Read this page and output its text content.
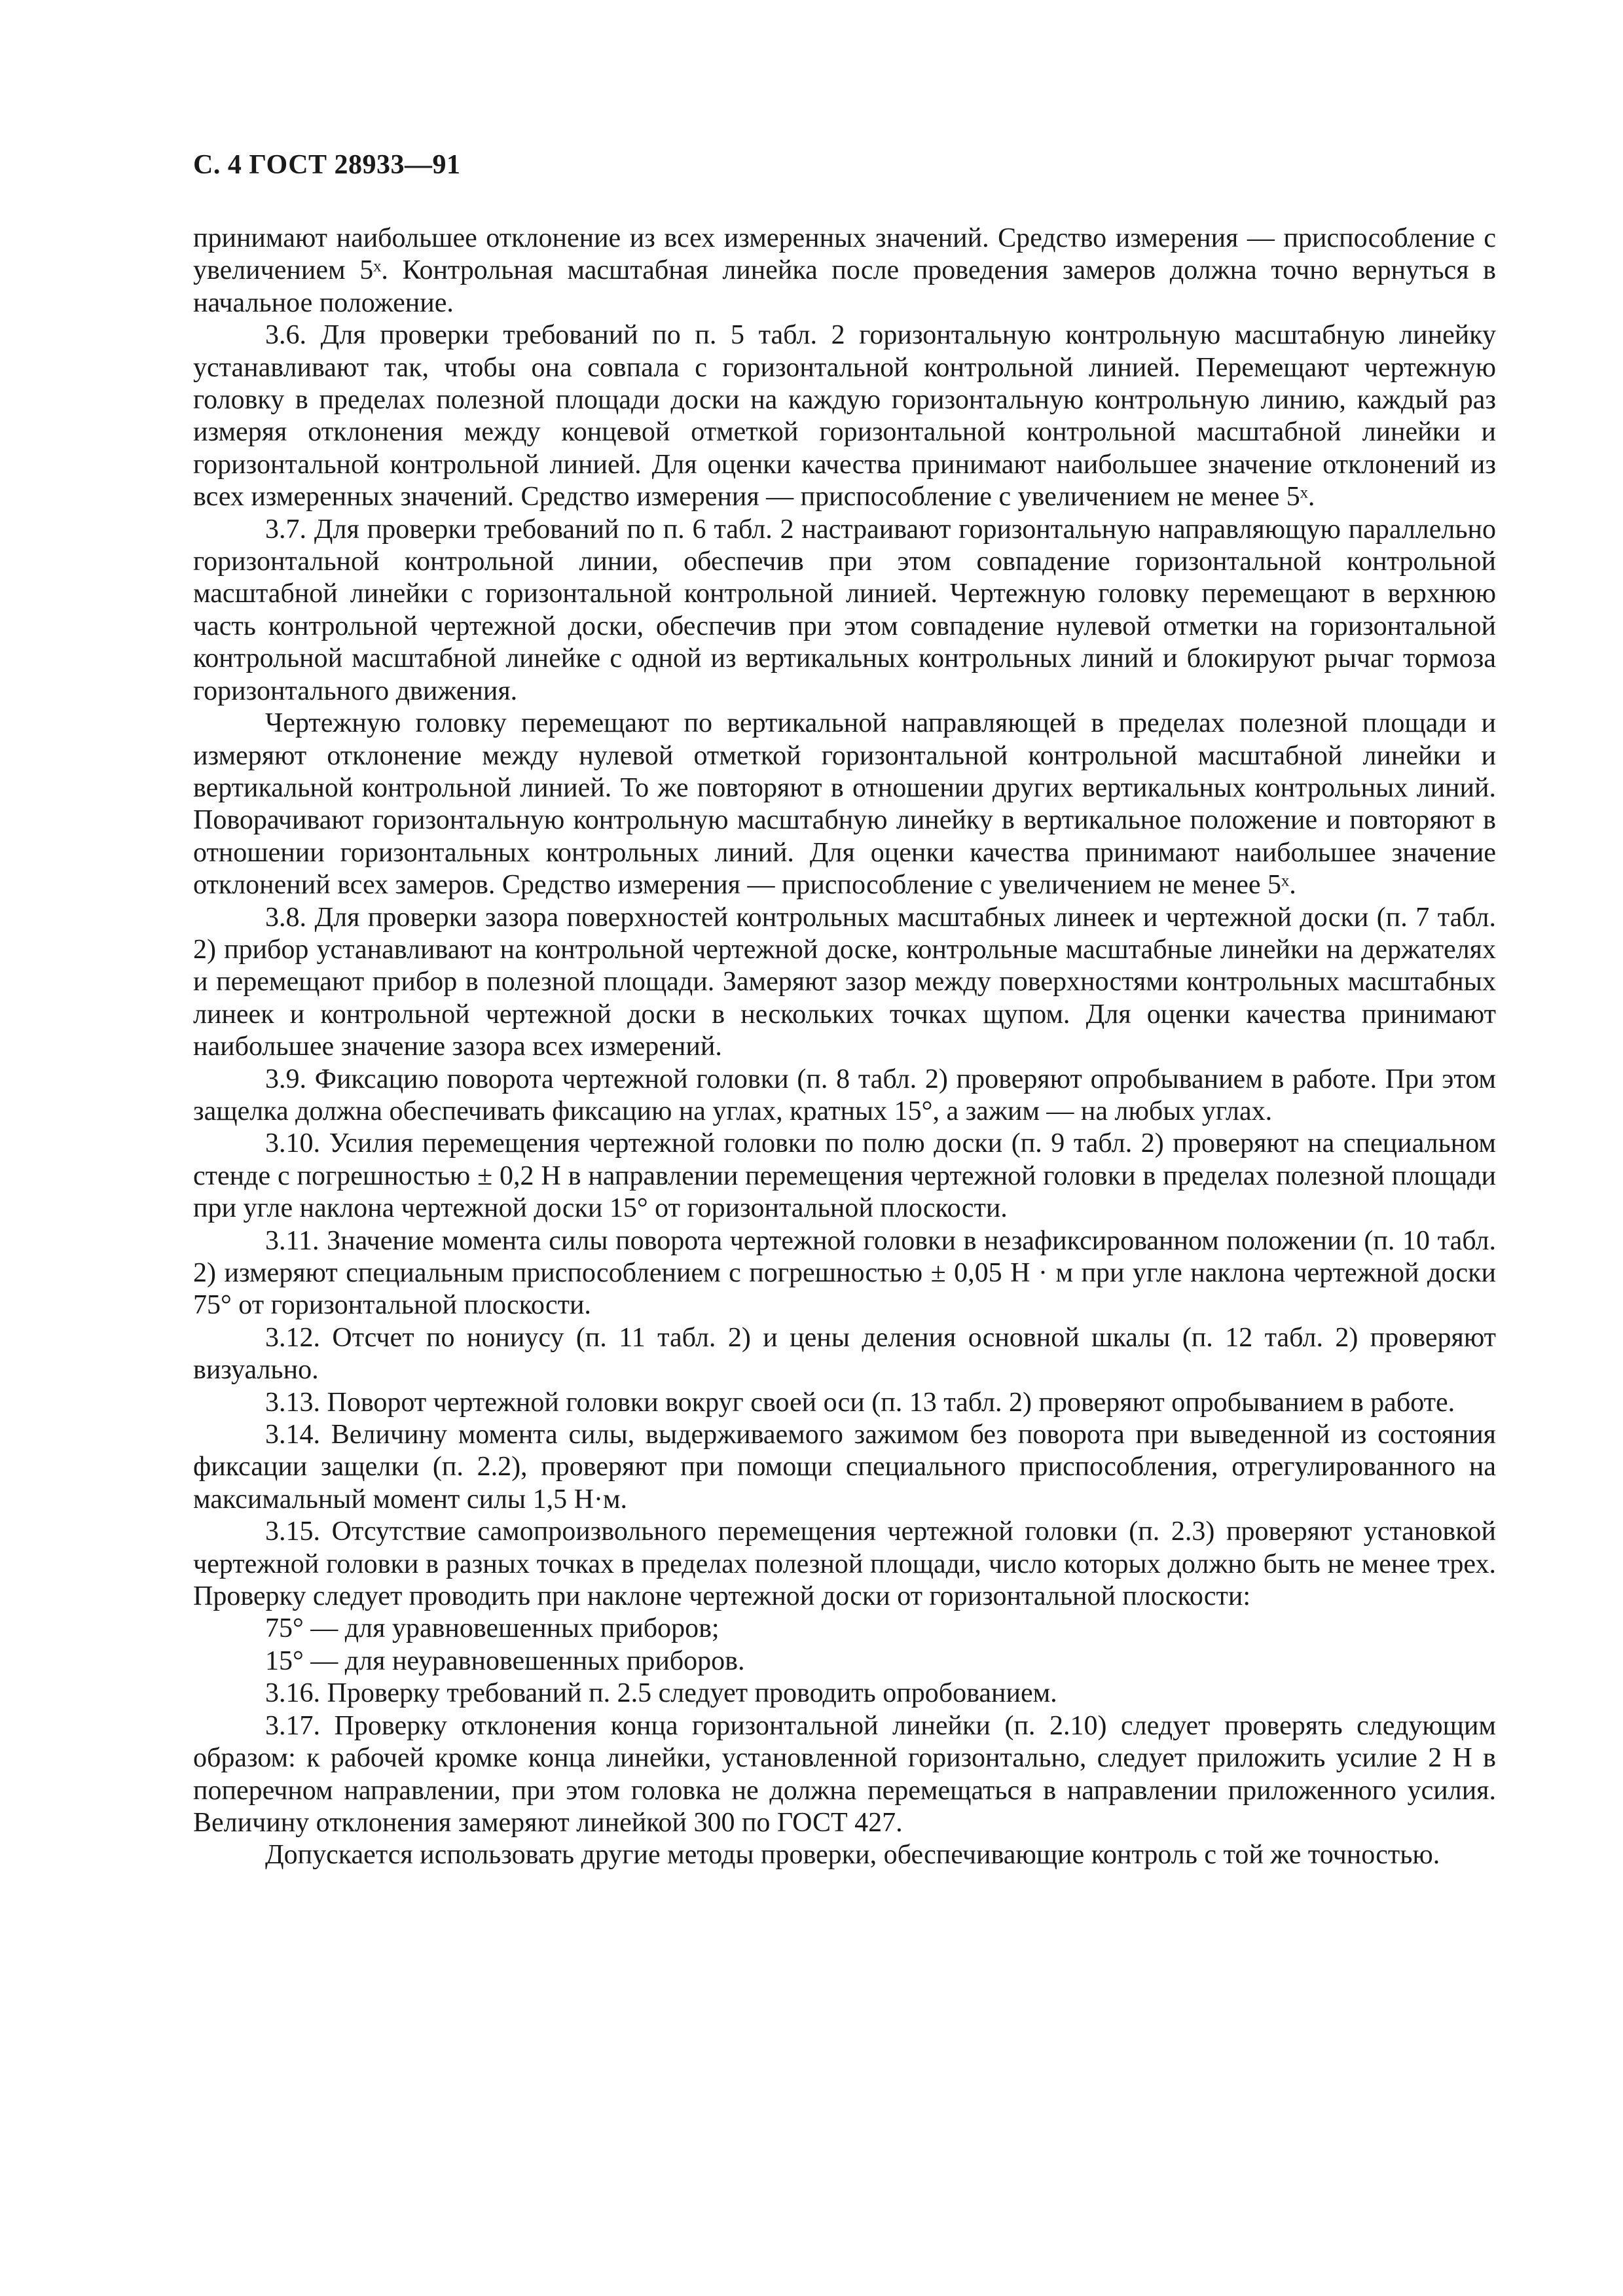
С. 4 ГОСТ 28933—91

принимают наибольшее отклонение из всех измеренных значений. Средство измерения — приспособление с увеличением 5ˣ. Контрольная масштабная линейка после проведения замеров должна точно вернуться в начальное положение.

3.6. Для проверки требований по п. 5 табл. 2 горизонтальную контрольную масштабную линейку устанавливают так, чтобы она совпала с горизонтальной контрольной линией. Перемещают чертежную головку в пределах полезной площади доски на каждую горизонтальную контрольную линию, каждый раз измеряя отклонения между концевой отметкой горизонтальной контрольной масштабной линейки и горизонтальной контрольной линией. Для оценки качества принимают наибольшее значение отклонений из всех измеренных значений. Средство измерения — приспособление с увеличением не менее 5ˣ.

3.7. Для проверки требований по п. 6 табл. 2 настраивают горизонтальную направляющую параллельно горизонтальной контрольной линии, обеспечив при этом совпадение горизонтальной контрольной масштабной линейки с горизонтальной контрольной линией. Чертежную головку перемещают в верхнюю часть контрольной чертежной доски, обеспечив при этом совпадение нулевой отметки на горизонтальной контрольной масштабной линейке с одной из вертикальных контрольных линий и блокируют рычаг тормоза горизонтального движения.

Чертежную головку перемещают по вертикальной направляющей в пределах полезной площади и измеряют отклонение между нулевой отметкой горизонтальной контрольной масштабной линейки и вертикальной контрольной линией. То же повторяют в отношении других вертикальных контрольных линий. Поворачивают горизонтальную контрольную масштабную линейку в вертикальное положение и повторяют в отношении горизонтальных контрольных линий. Для оценки качества принимают наибольшее значение отклонений всех замеров. Средство измерения — приспособление с увеличением не менее 5ˣ.

3.8. Для проверки зазора поверхностей контрольных масштабных линеек и чертежной доски (п. 7 табл. 2) прибор устанавливают на контрольной чертежной доске, контрольные масштабные линейки на держателях и перемещают прибор в полезной площади. Замеряют зазор между поверхностями контрольных масштабных линеек и контрольной чертежной доски в нескольких точках щупом. Для оценки качества принимают наибольшее значение зазора всех измерений.

3.9. Фиксацию поворота чертежной головки (п. 8 табл. 2) проверяют опробыванием в работе. При этом защелка должна обеспечивать фиксацию на углах, кратных 15°, а зажим — на любых углах.

3.10. Усилия перемещения чертежной головки по полю доски (п. 9 табл. 2) проверяют на специальном стенде с погрешностью ± 0,2 Н в направлении перемещения чертежной головки в пределах полезной площади при угле наклона чертежной доски 15° от горизонтальной плоскости.

3.11. Значение момента силы поворота чертежной головки в незафиксированном положении (п. 10 табл. 2) измеряют специальным приспособлением с погрешностью ± 0,05 Н · м при угле наклона чертежной доски 75° от горизонтальной плоскости.

3.12. Отсчет по нониусу (п. 11 табл. 2) и цены деления основной шкалы (п. 12 табл. 2) проверяют визуально.

3.13. Поворот чертежной головки вокруг своей оси (п. 13 табл. 2) проверяют опробыванием в работе.

3.14. Величину момента силы, выдерживаемого зажимом без поворота при выведенной из состояния фиксации защелки (п. 2.2), проверяют при помощи специального приспособления, отрегулированного на максимальный момент силы 1,5 Н·м.

3.15. Отсутствие самопроизвольного перемещения чертежной головки (п. 2.3) проверяют установкой чертежной головки в разных точках в пределах полезной площади, число которых должно быть не менее трех. Проверку следует проводить при наклоне чертежной доски от горизонтальной плоскости:

75° — для уравновешенных приборов;

15° — для неуравновешенных приборов.

3.16. Проверку требований п. 2.5 следует проводить опробованием.

3.17. Проверку отклонения конца горизонтальной линейки (п. 2.10) следует проверять следующим образом: к рабочей кромке конца линейки, установленной горизонтально, следует приложить усилие 2 Н в поперечном направлении, при этом головка не должна перемещаться в направлении приложенного усилия. Величину отклонения замеряют линейкой 300 по ГОСТ 427.

Допускается использовать другие методы проверки, обеспечивающие контроль с той же точностью.
